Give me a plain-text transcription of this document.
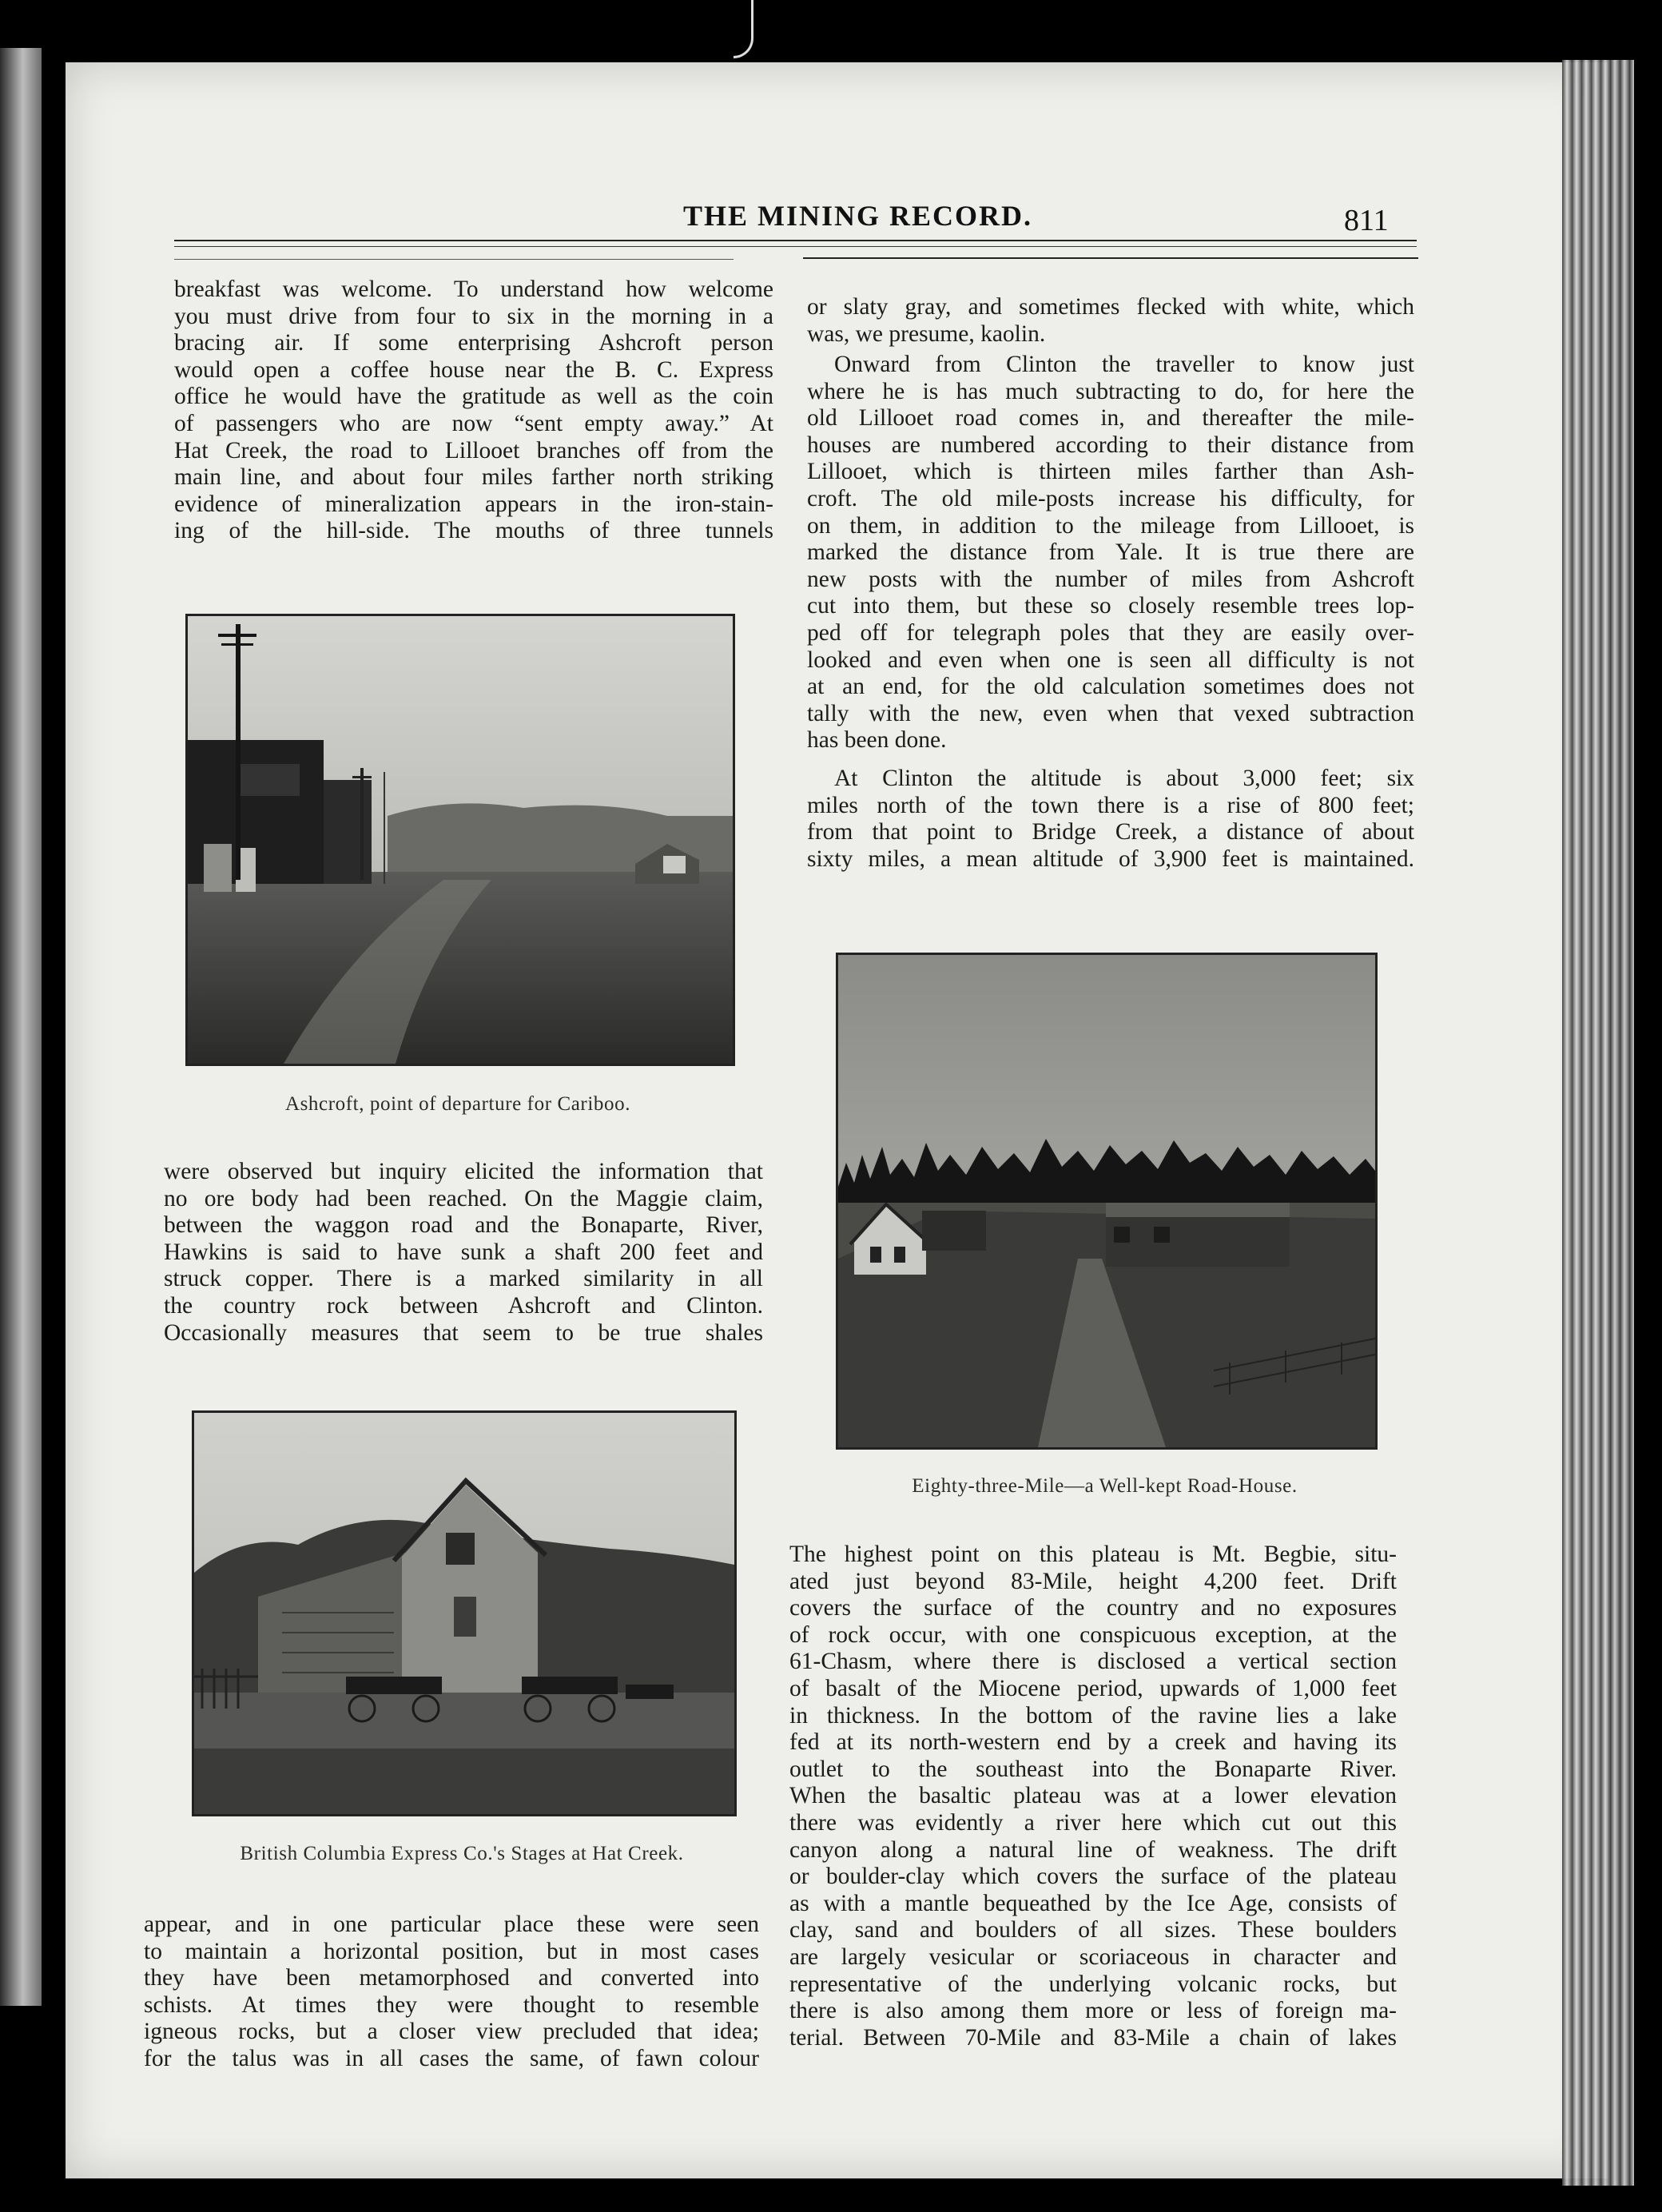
THE MINING RECORD.	811
breakfast was welcome. To understand how welcome
you must drive from four to six in the morning in a
bracing air. If some enterprising Ashcroft person
would open a coffee house near the B. C. Express
office he would have the gratitude as well as the coin
of passengers who are now “sent empty away.” At
Hat Creek, the road to Lillooet branches off from the
main line, and about four miles farther north striking
evidence of mineralization appears in the iron-stain-
ing of the hill-side. The mouths of three tunnels
Ashcroft, point of departure for Cariboo.
were observed but inquiry elicited the information that
no ore body had been reached. On the Maggie claim,
between the waggon road and the Bonaparte, River,
Hawkins is said to have sunk a shaft 200 feet and
struck copper. There is a marked similarity in all
the country rock between Ashcroft and Clinton.
Occasionally measures that seem to be true shales
British Columbia Express Co.'s Stages at Hat Creek.
appear, and in one particular place these were seen
to maintain a horizontal position, but in most cases
they have been metamorphosed and converted into
schists. At times they were thought to resemble
igneous rocks, but a closer view precluded that idea;
for the talus was in all cases the same, of fawn colour
or slaty gray, and sometimes flecked with white, which
was, we presume, kaolin.
Onward from Clinton the traveller to know just
where he is has much subtracting to do, for here the
old Lillooet road comes in, and thereafter the mile-
houses are numbered according to their distance from
Lillooet, which is thirteen miles farther than Ash-
croft. The old mile-posts increase his difficulty, for
on them, in addition to the mileage from Lillooet, is
marked the distance from Yale. It is true there are
new posts with the number of miles from Ashcroft
cut into them, but these so closely resemble trees lop-
ped off for telegraph poles that they are easily over-
looked and even when one is seen all difficulty is not
at an end, for the old calculation sometimes does not
tally with the new, even when that vexed subtraction
has been done.
At Clinton the altitude is about 3,000 feet; six
miles north of the town there is a rise of 800 feet;
from that point to Bridge Creek, a distance of about
sixty miles, a mean altitude of 3,900 feet is maintained.
Eighty-three-Mile—a Well-kept Road-House.
The highest point on this plateau is Mt. Begbie, situ-
ated just beyond 83-Mile, height 4,200 feet. Drift
covers the surface of the country and no exposures
of rock occur, with one conspicuous exception, at the
61-Chasm, where there is disclosed a vertical section
of basalt of the Miocene period, upwards of 1,000 feet
in thickness. In the bottom of the ravine lies a lake
fed at its north-western end by a creek and having its
outlet to the southeast into the Bonaparte River.
When the basaltic plateau was at a lower elevation
there was evidently a river here which cut out this
canyon along a natural line of weakness. The drift
or boulder-clay which covers the surface of the plateau
as with a mantle bequeathed by the Ice Age, consists of
clay, sand and boulders of all sizes. These boulders
are largely vesicular or scoriaceous in character and
representative of the underlying volcanic rocks, but
there is also among them more or less of foreign ma-
terial. Between 70-Mile and 83-Mile a chain of lakes
